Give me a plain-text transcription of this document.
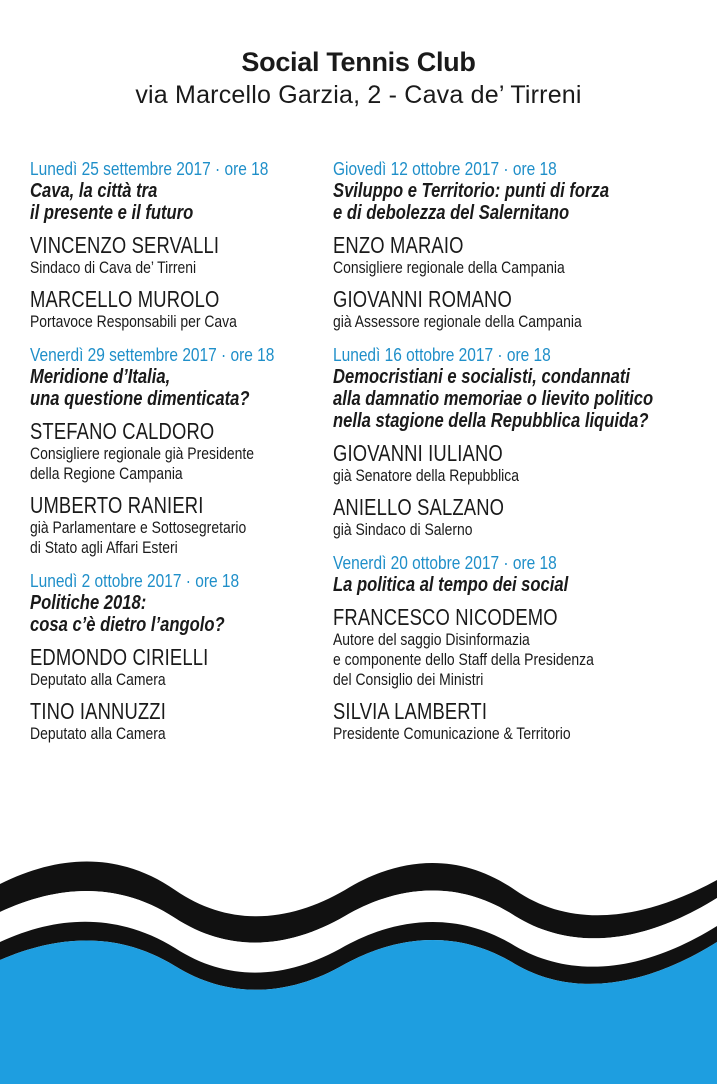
Social Tennis Club
via Marcello Garzia, 2 - Cava de’ Tirreni
Lunedì 25 settembre 2017 · ore 18
Cava, la città tra
il presente e il futuro
VINCENZO SERVALLI
Sindaco di Cava de’ Tirreni
MARCELLO MUROLO
Portavoce Responsabili per Cava
Venerdì 29 settembre 2017 · ore 18
Meridione d’Italia,
una questione dimenticata?
STEFANO CALDORO
Consigliere regionale già Presidente
della Regione Campania
UMBERTO RANIERI
già Parlamentare e Sottosegretario
di Stato agli Affari Esteri
Lunedì 2 ottobre 2017 · ore 18
Politiche 2018:
cosa c’è dietro l’angolo?
EDMONDO CIRIELLI
Deputato alla Camera
TINO IANNUZZI
Deputato alla Camera
Giovedì 12 ottobre 2017 · ore 18
Sviluppo e Territorio: punti di forza
e di debolezza del Salernitano
ENZO MARAIO
Consigliere regionale della Campania
GIOVANNI ROMANO
già Assessore regionale della Campania
Lunedì 16 ottobre 2017 · ore 18
Democristiani e socialisti, condannati
alla damnatio memoriae o lievito politico
nella stagione della Repubblica liquida?
GIOVANNI IULIANO
già Senatore della Repubblica
ANIELLO SALZANO
già Sindaco di Salerno
Venerdì 20 ottobre 2017 · ore 18
La politica al tempo dei social
FRANCESCO NICODEMO
Autore del saggio Disinformazia
e componente dello Staff della Presidenza
del Consiglio dei Ministri
SILVIA LAMBERTI
Presidente Comunicazione & Territorio
